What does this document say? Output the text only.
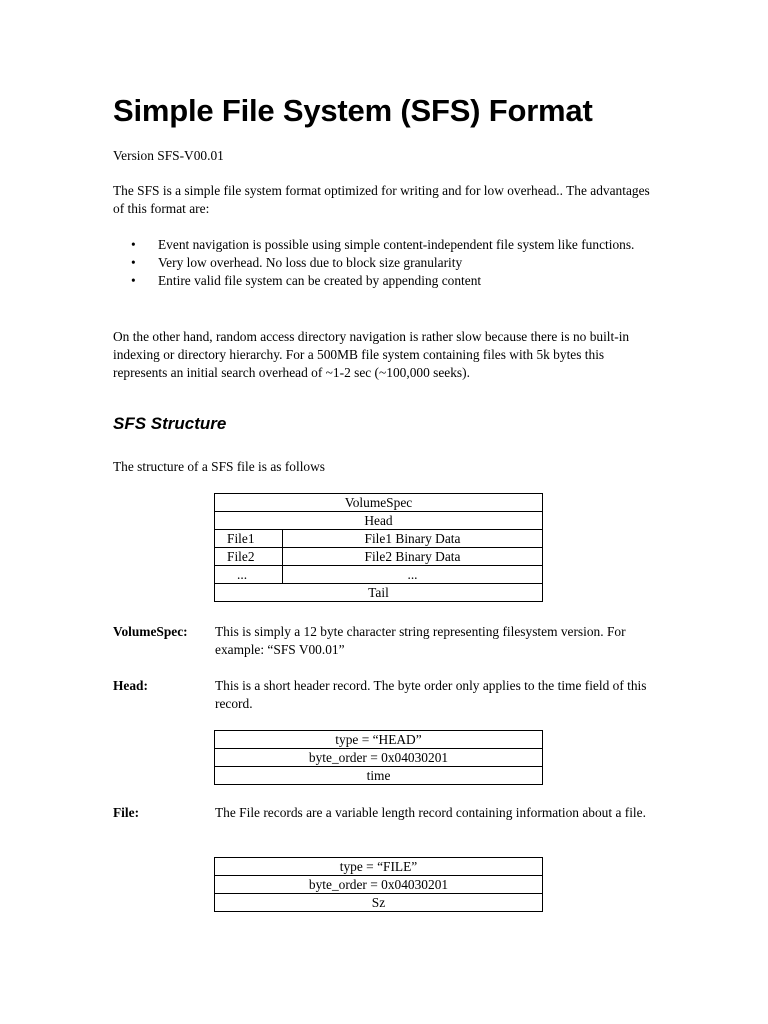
Simple File System (SFS) Format

Version SFS-V00.01

The SFS is a simple file system format optimized for writing and for low overhead.. The advantages of this format are:

• Event navigation is possible using simple content-independent file system like functions.
• Very low overhead. No loss due to block size granularity
• Entire valid file system can be created by appending content

On the other hand, random access directory navigation is rather slow because there is no built-in indexing or directory hierarchy. For a 500MB file system containing files with 5k bytes this represents an initial search overhead of ~1-2 sec (~100,000 seeks).

SFS Structure

The structure of a SFS file is as follows

VolumeSpec	
Head	
File1	File1 Binary Data
File2	File2 Binary Data
...	...
Tail	
VolumeSpec: This is simply a 12 byte character string representing filesystem version. For example: “SFS V00.01”
Head:	This is a short header record. The byte order only applies to the time field of this record.
type = “HEAD”
byte_order = 0x04030201
time
File:	The File records are a variable length record containing information about a file.
type = “FILE”
byte_order = 0x04030201
Sz
